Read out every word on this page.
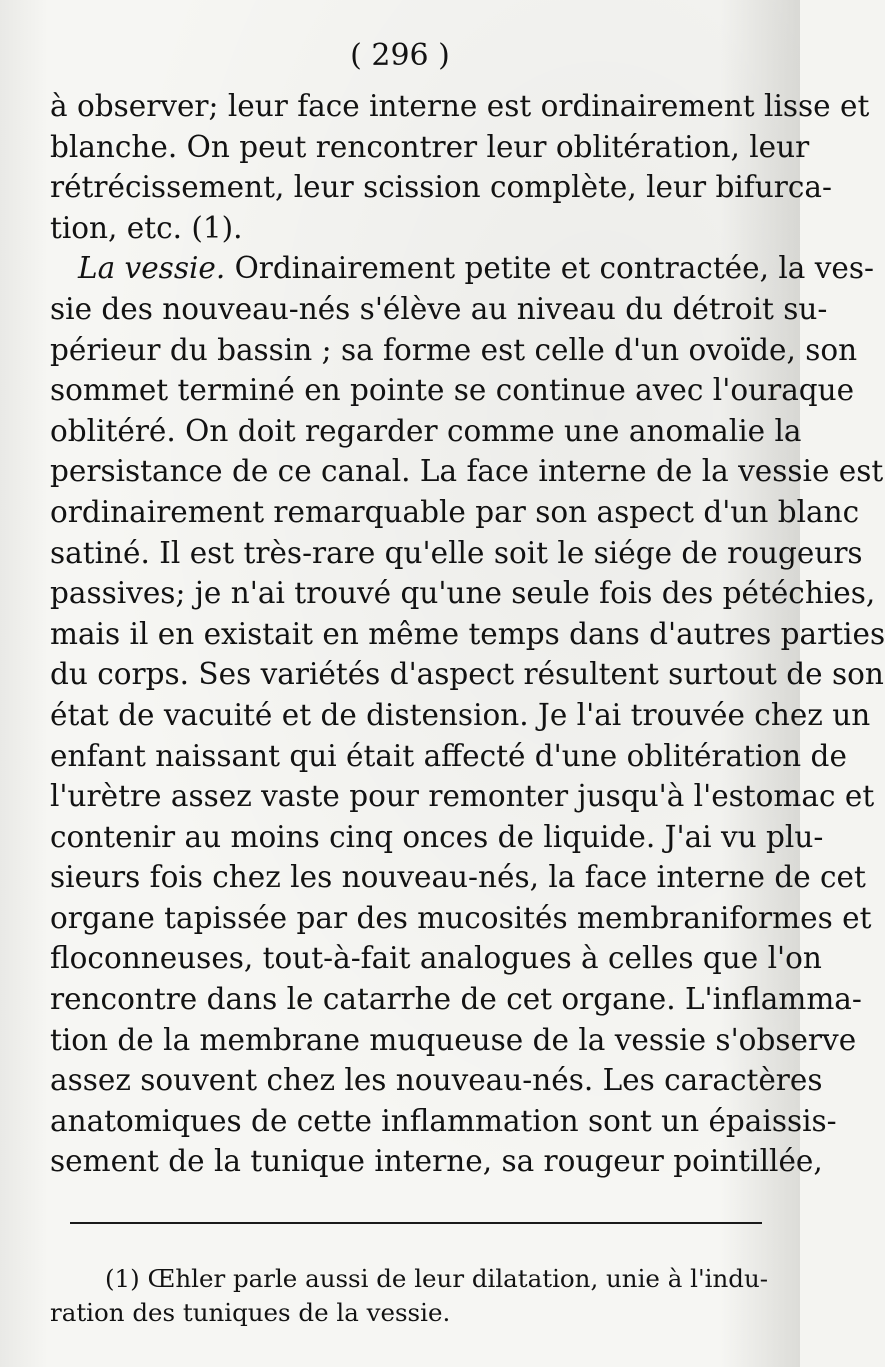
( 296 )

à observer; leur face interne est ordinairement lisse et
blanche. On peut rencontrer leur oblitération, leur
rétrécissement, leur scission complète, leur bifurca-
tion, etc. (1).

La vessie. Ordinairement petite et contractée, la ves-
sie des nouveau-nés s'élève au niveau du détroit su-
périeur du bassin ; sa forme est celle d'un ovoïde, son
sommet terminé en pointe se continue avec l'ouraque
oblitéré. On doit regarder comme une anomalie la
persistance de ce canal. La face interne de la vessie est
ordinairement remarquable par son aspect d'un blanc
satiné. Il est très-rare qu'elle soit le siége de rougeurs
passives; je n'ai trouvé qu'une seule fois des pétéchies,
mais il en existait en même temps dans d'autres parties
du corps. Ses variétés d'aspect résultent surtout de son
état de vacuité et de distension. Je l'ai trouvée chez un
enfant naissant qui était affecté d'une oblitération de
l'urètre assez vaste pour remonter jusqu'à l'estomac et
contenir au moins cinq onces de liquide. J'ai vu plu-
sieurs fois chez les nouveau-nés, la face interne de cet
organe tapissée par des mucosités membraniformes et
floconneuses, tout-à-fait analogues à celles que l'on
rencontre dans le catarrhe de cet organe. L'inflamma-
tion de la membrane muqueuse de la vessie s'observe
assez souvent chez les nouveau-nés. Les caractères
anatomiques de cette inflammation sont un épaissis-
sement de la tunique interne, sa rougeur pointillée,

(1) Œhler parle aussi de leur dilatation, unie à l'indu-
ration des tuniques de la vessie.
